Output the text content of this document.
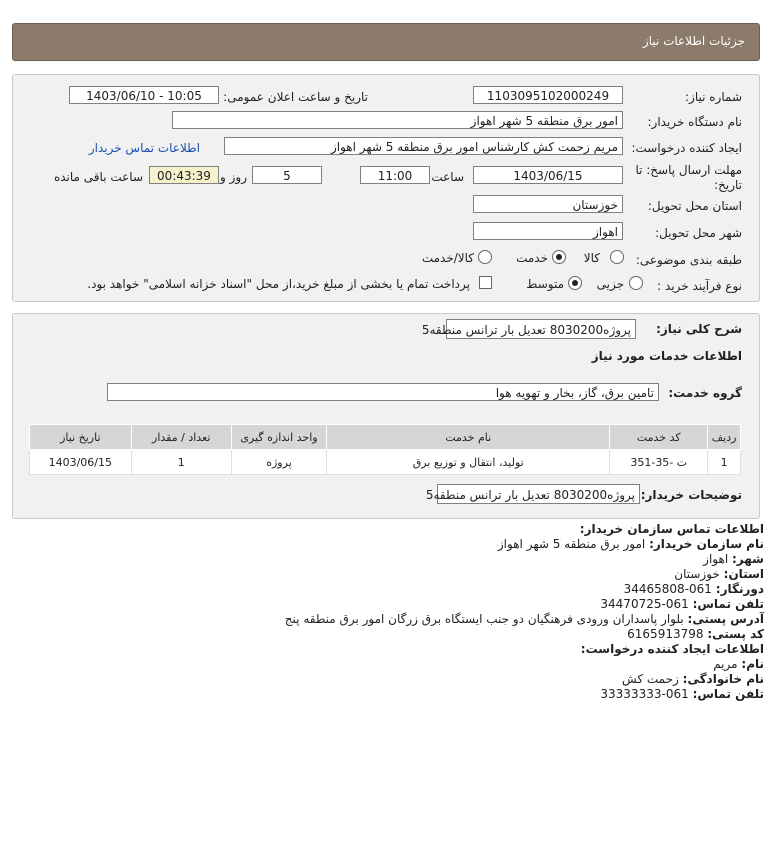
جزئیات اطلاعات نیاز
شماره نیاز:
1103095102000249
تاریخ و ساعت اعلان عمومی:
1403/06/10 - 10:05
نام دستگاه خریدار:
امور برق منطقه 5 شهر اهواز
ایجاد کننده درخواست:
مریم زحمت کش کارشناس امور برق منطقه 5 شهر اهواز
اطلاعات تماس خریدار
مهلت ارسال پاسخ: تا تاریخ:
1403/06/15
ساعت
11:00
5
روز و
00:43:39
ساعت باقی مانده
استان محل تحویل:
خوزستان
شهر محل تحویل:
اهواز
طبقه بندی موضوعی:
کالا
خدمت
کالا/خدمت
نوع فرآیند خرید :
جزیی
متوسط
پرداخت تمام یا بخشی از مبلغ خرید،از محل "اسناد خزانه اسلامی" خواهد بود.
شرح کلی نیاز:
پروژه8030200 تعدیل بار ترانس منطقه5
اطلاعات خدمات مورد نیاز
گروه خدمت:
تامین برق، گاز، بخار و تهویه هوا
ردیف	کد خدمت	نام خدمت	واحد اندازه گیری	تعداد / مقدار	تاریخ نیاز
1	ت -35-351	تولید، انتقال و توزیع برق	پروژه	1	1403/06/15
توضیحات خریدار:
پروژه8030200 تعدیل بار ترانس منطقه5
اطلاعات تماس سازمان خریدار:
نام سازمان خریدار: امور برق منطقه 5 شهر اهواز
شهر: اهواز
استان: خوزستان
دورنگار: 061-34465808
تلفن تماس: 061-34470725
آدرس پستی: بلوار پاسداران ورودی فرهنگیان دو جنب ایستگاه برق زرگان امور برق منطقه پنج
کد پستی: 6165913798
اطلاعات ایجاد کننده درخواست:
نام: مریم
نام خانوادگی: زحمت کش
تلفن تماس: 061-33333333
